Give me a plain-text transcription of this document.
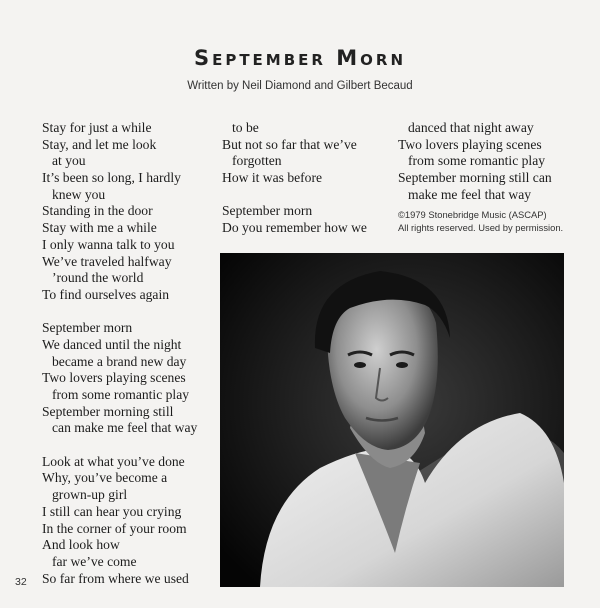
September Morn
Written by Neil Diamond and Gilbert Becaud
Stay for just a while
Stay, and let me look
at you
It’s been so long, I hardly
knew you
Standing in the door
Stay with me a while
I only wanna talk to you
We’ve traveled halfway
’round the world
To find ourselves again
September morn
We danced until the night
became a brand new day
Two lovers playing scenes
from some romantic play
September morning still
can make me feel that way
Look at what you’ve done
Why, you’ve become a
grown-up girl
I still can hear you crying
In the corner of your room
And look how
far we’ve come
So far from where we used
to be
But not so far that we’ve
forgotten
How it was before
September morn
Do you remember how we
danced that night away
Two lovers playing scenes
from some romantic play
September morning still can
make me feel that way
©1979 Stonebridge Music (ASCAP)
All rights reserved. Used by permission.
32
